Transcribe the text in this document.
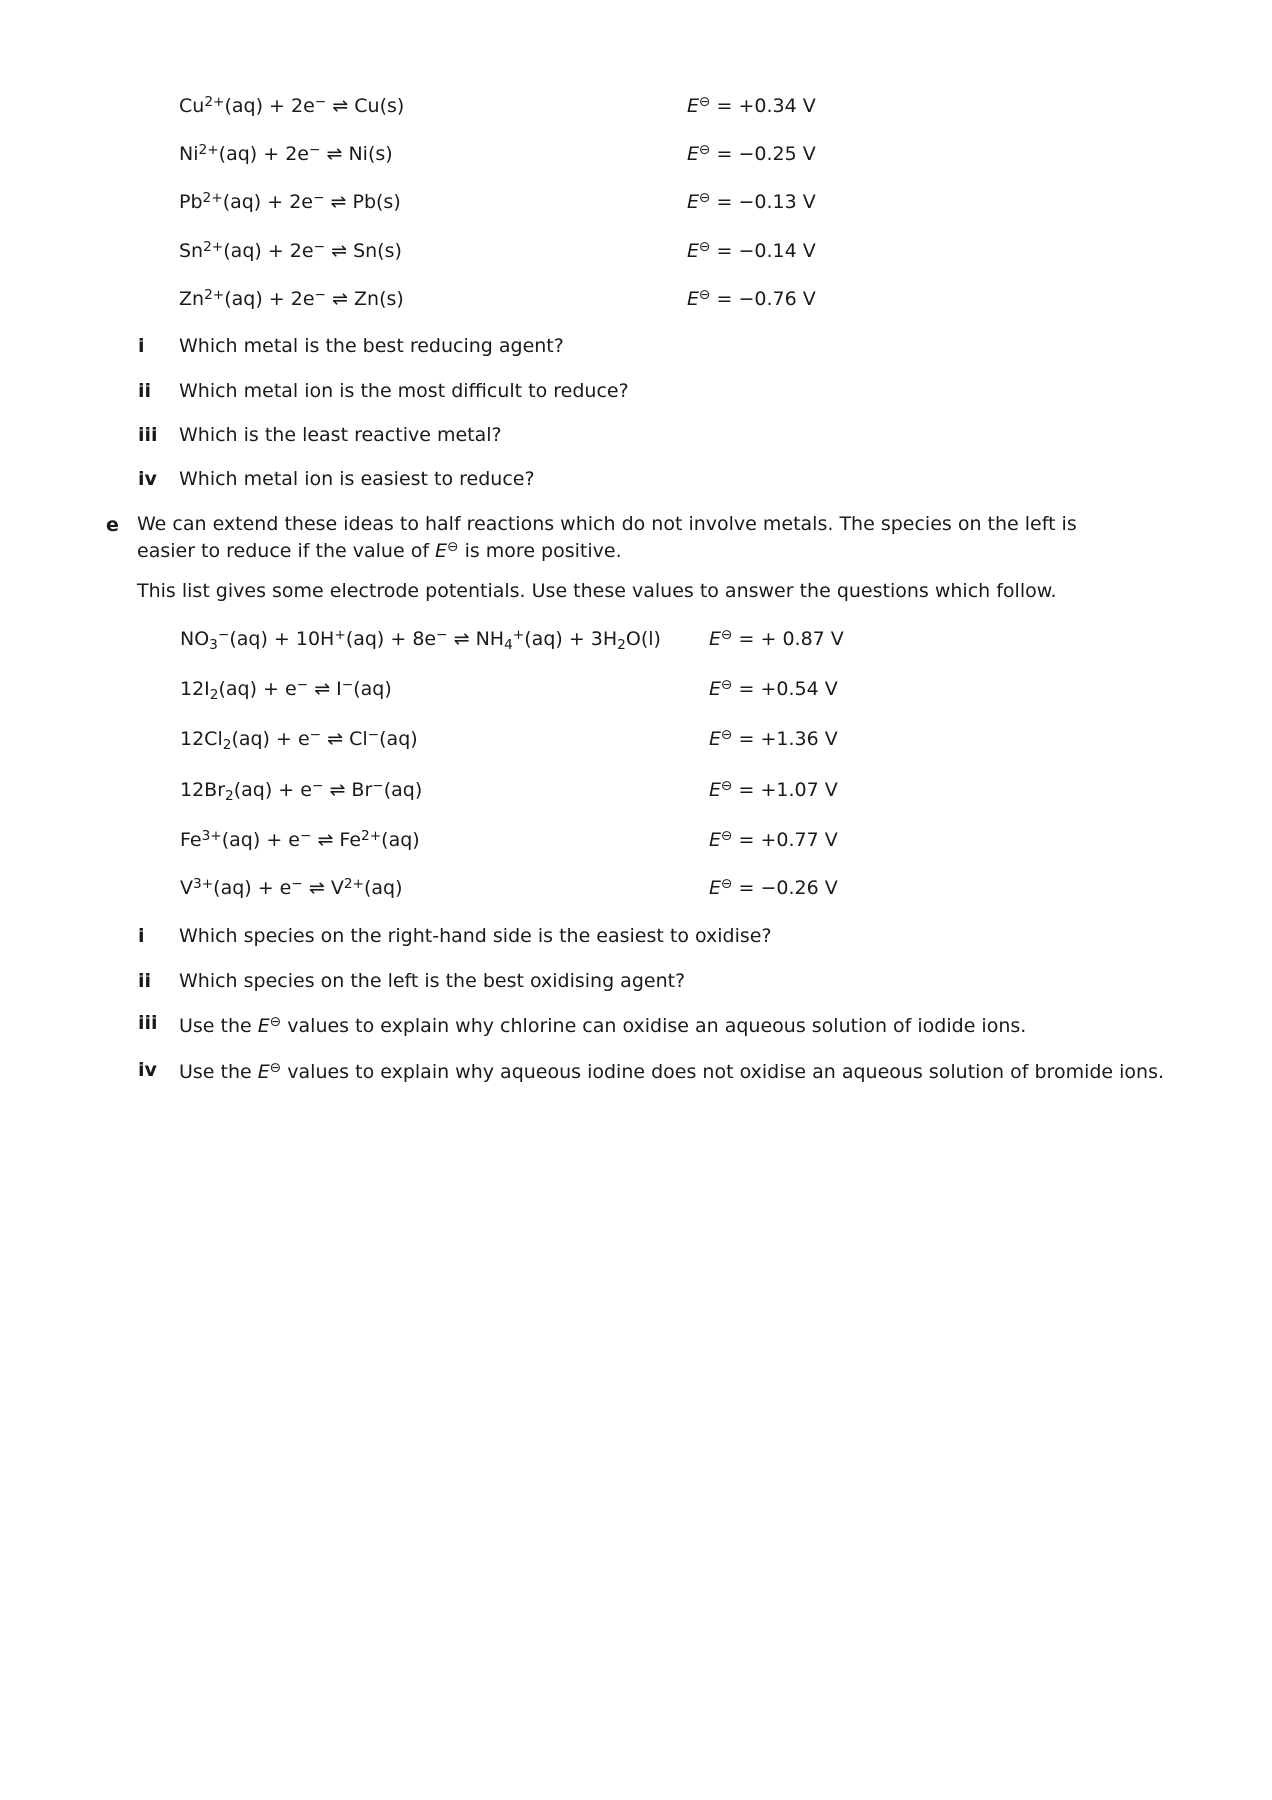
$Cu^{2+}(aq) + 2e^-$ ⇌ Cu(s)	E⊖ = +0.34 V
$Ni^{2+}(aq) + 2e^-$ ⇌ Ni(s)	E⊖ = −0.25 V
$Pb^{2+}(aq) + 2e^-$ ⇌ Pb(s)	E⊖ = −0.13 V
$Sn^{2+}(aq) + 2e^-$ ⇌ Sn(s)	E⊖ = −0.14 V
$Zn^{2+}(aq) + 2e^-$ ⇌ Zn(s)	E⊖ = −0.76 V
i Which metal is the best reducing agent?
ii Which metal ion is the most difficult to reduce?
iii Which is the least reactive metal?
iv Which metal ion is easiest to reduce?
e We can extend these ideas to half reactions which do not involve metals. The species on the left is easier to reduce if the value of E⊖ is more positive.
This list gives some electrode potentials. Use these values to answer the questions which follow.
$NO_3^-(aq) + 10H^+(aq) + 8e^-$ ⇌ $NH_4^+(aq) + 3H_2O(l)$	E⊖ = + 0.87 V
$12I_2(aq) + e^-$ ⇌ I−(aq)	E⊖ = +0.54 V
$12Cl_2(aq) + e^-$ ⇌ Cl−(aq)	E⊖ = +1.36 V
$12Br_2(aq) + e^-$ ⇌ Br−(aq)	E⊖ = +1.07 V
$Fe^{3+}(aq) + e^-$ ⇌ $Fe^{2+}(aq)$	E⊖ = +0.77 V
$V^{3+}(aq) + e^-$ ⇌ $V^{2+}(aq)$	E⊖ = −0.26 V
i Which species on the right-hand side is the easiest to oxidise?
ii Which species on the left is the best oxidising agent?
iii Use the E⊖ values to explain why chlorine can oxidise an aqueous solution of iodide ions.
iv Use the E⊖ values to explain why aqueous iodine does not oxidise an aqueous solution of bromide ions.
